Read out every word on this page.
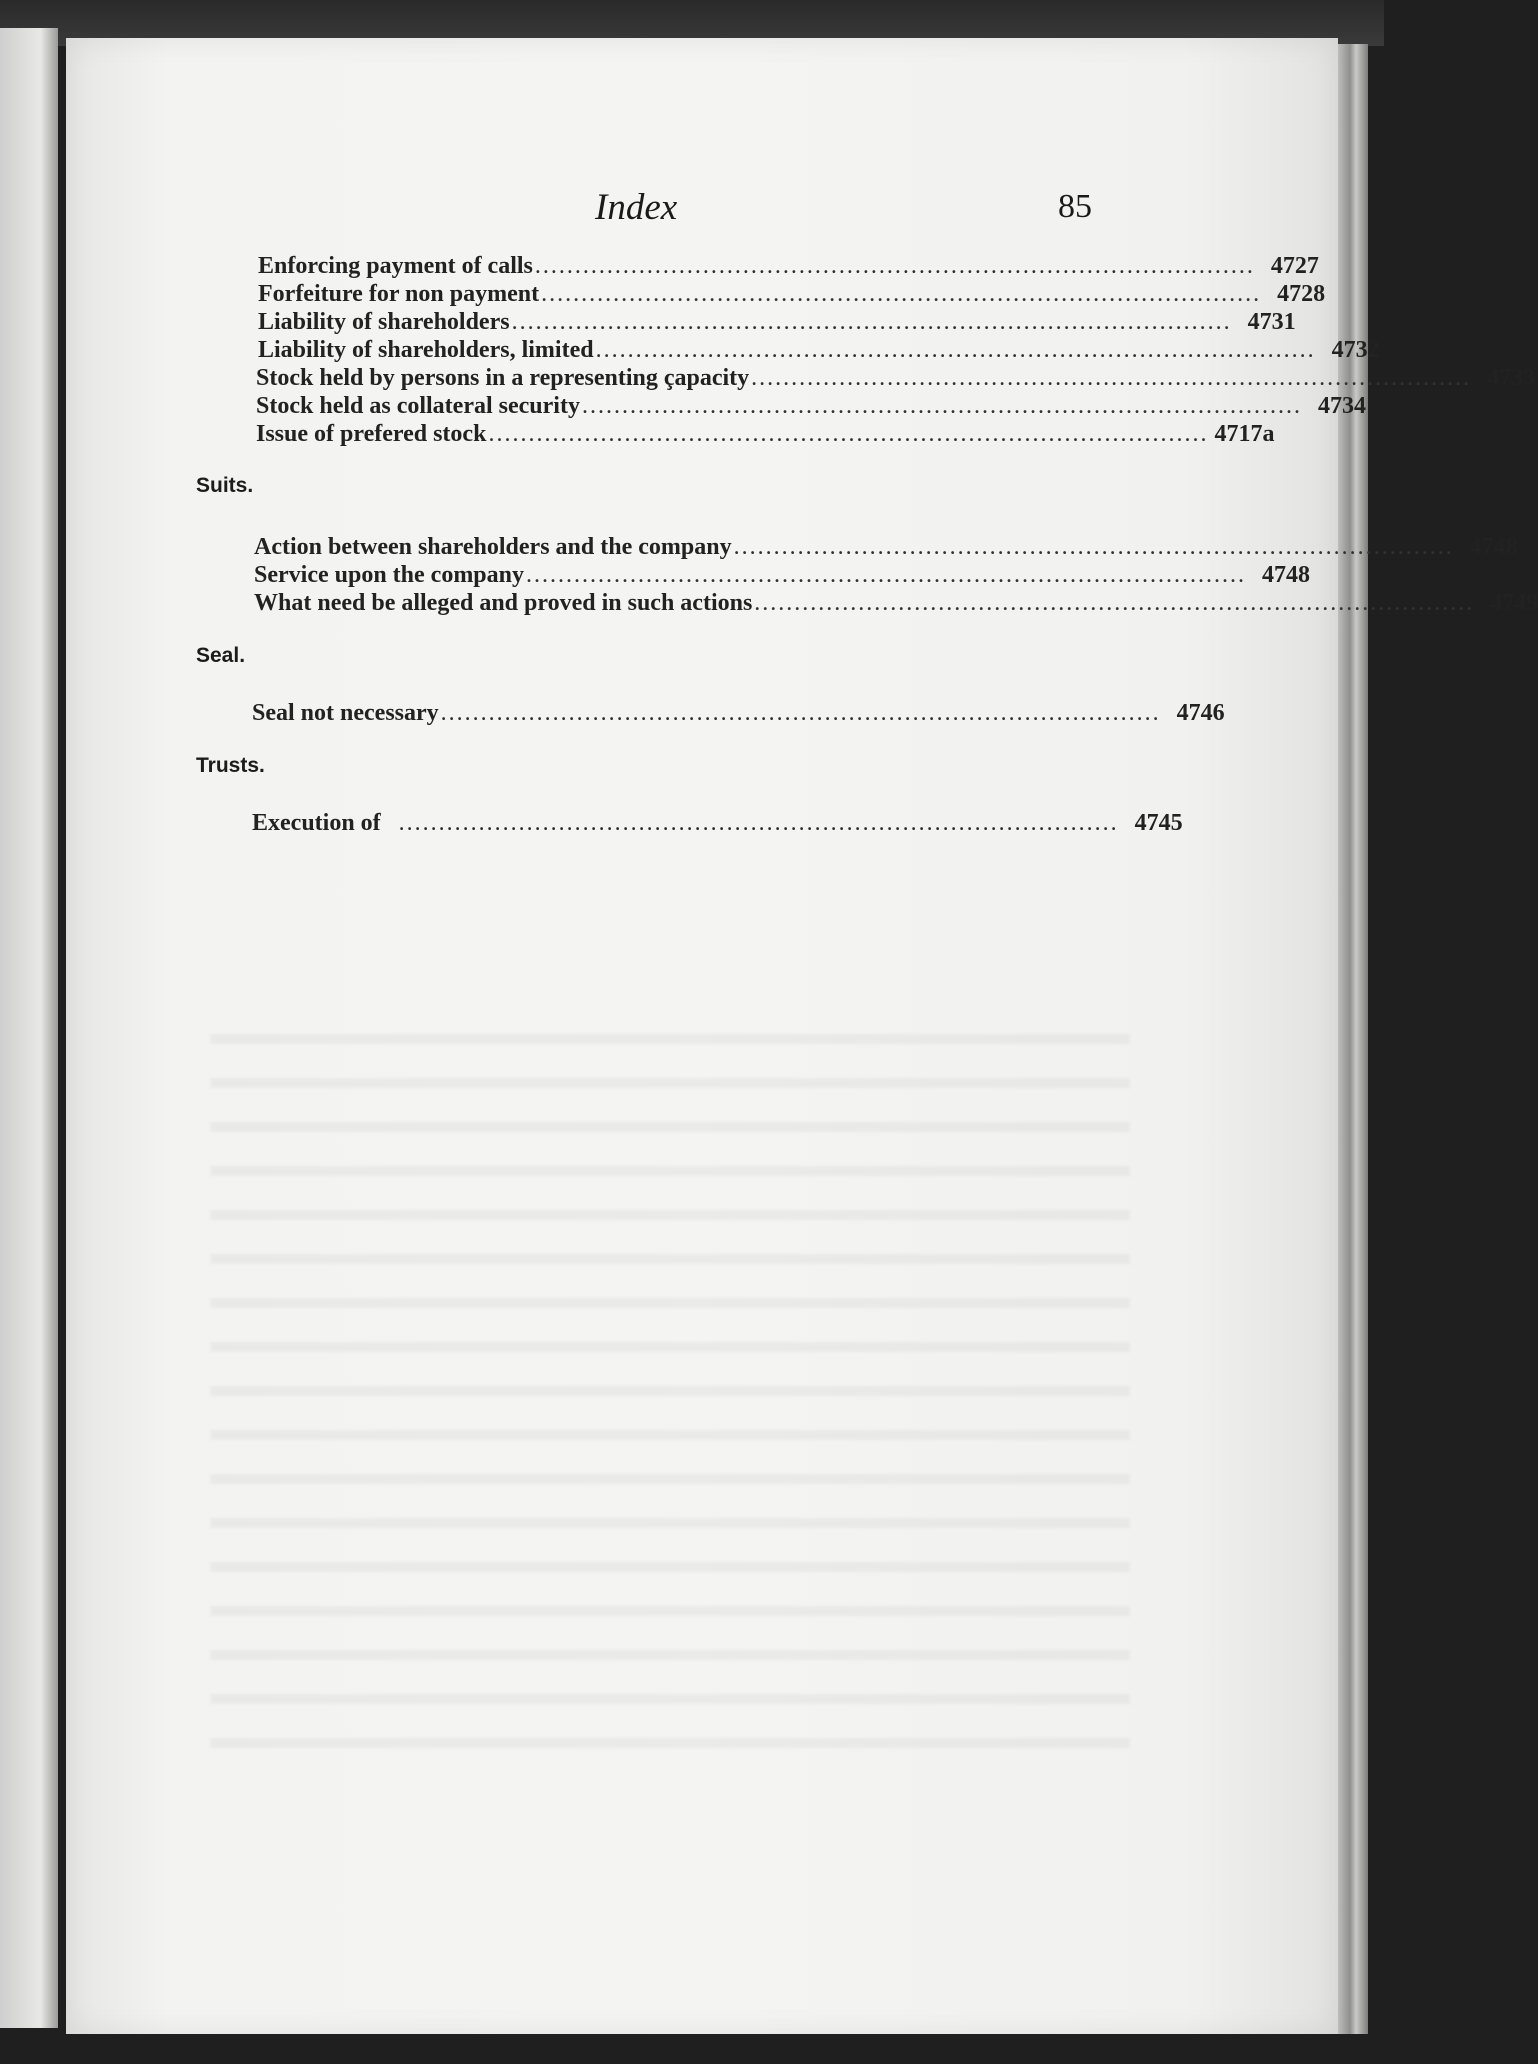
Index	85
Enforcing payment of calls .......................................................................................... 4727
Forfeiture for non payment .......................................................................................... 4728
Liability of shareholders .......................................................................................... 4731
Liability of shareholders, limited .......................................................................................... 4732
Stock held by persons in a representing çapacity .......................................................................................... 4733
Stock held as collateral security .......................................................................................... 4734
Issue of prefered stock .......................................................................................... 4717a
Suits.
Action between shareholders and the company .......................................................................................... 4748
Service upon the company .......................................................................................... 4748
What need be alleged and proved in such actions .......................................................................................... 4749
Seal.
Seal not necessary .......................................................................................... 4746
Trusts.
Execution of .......................................................................................... 4745
